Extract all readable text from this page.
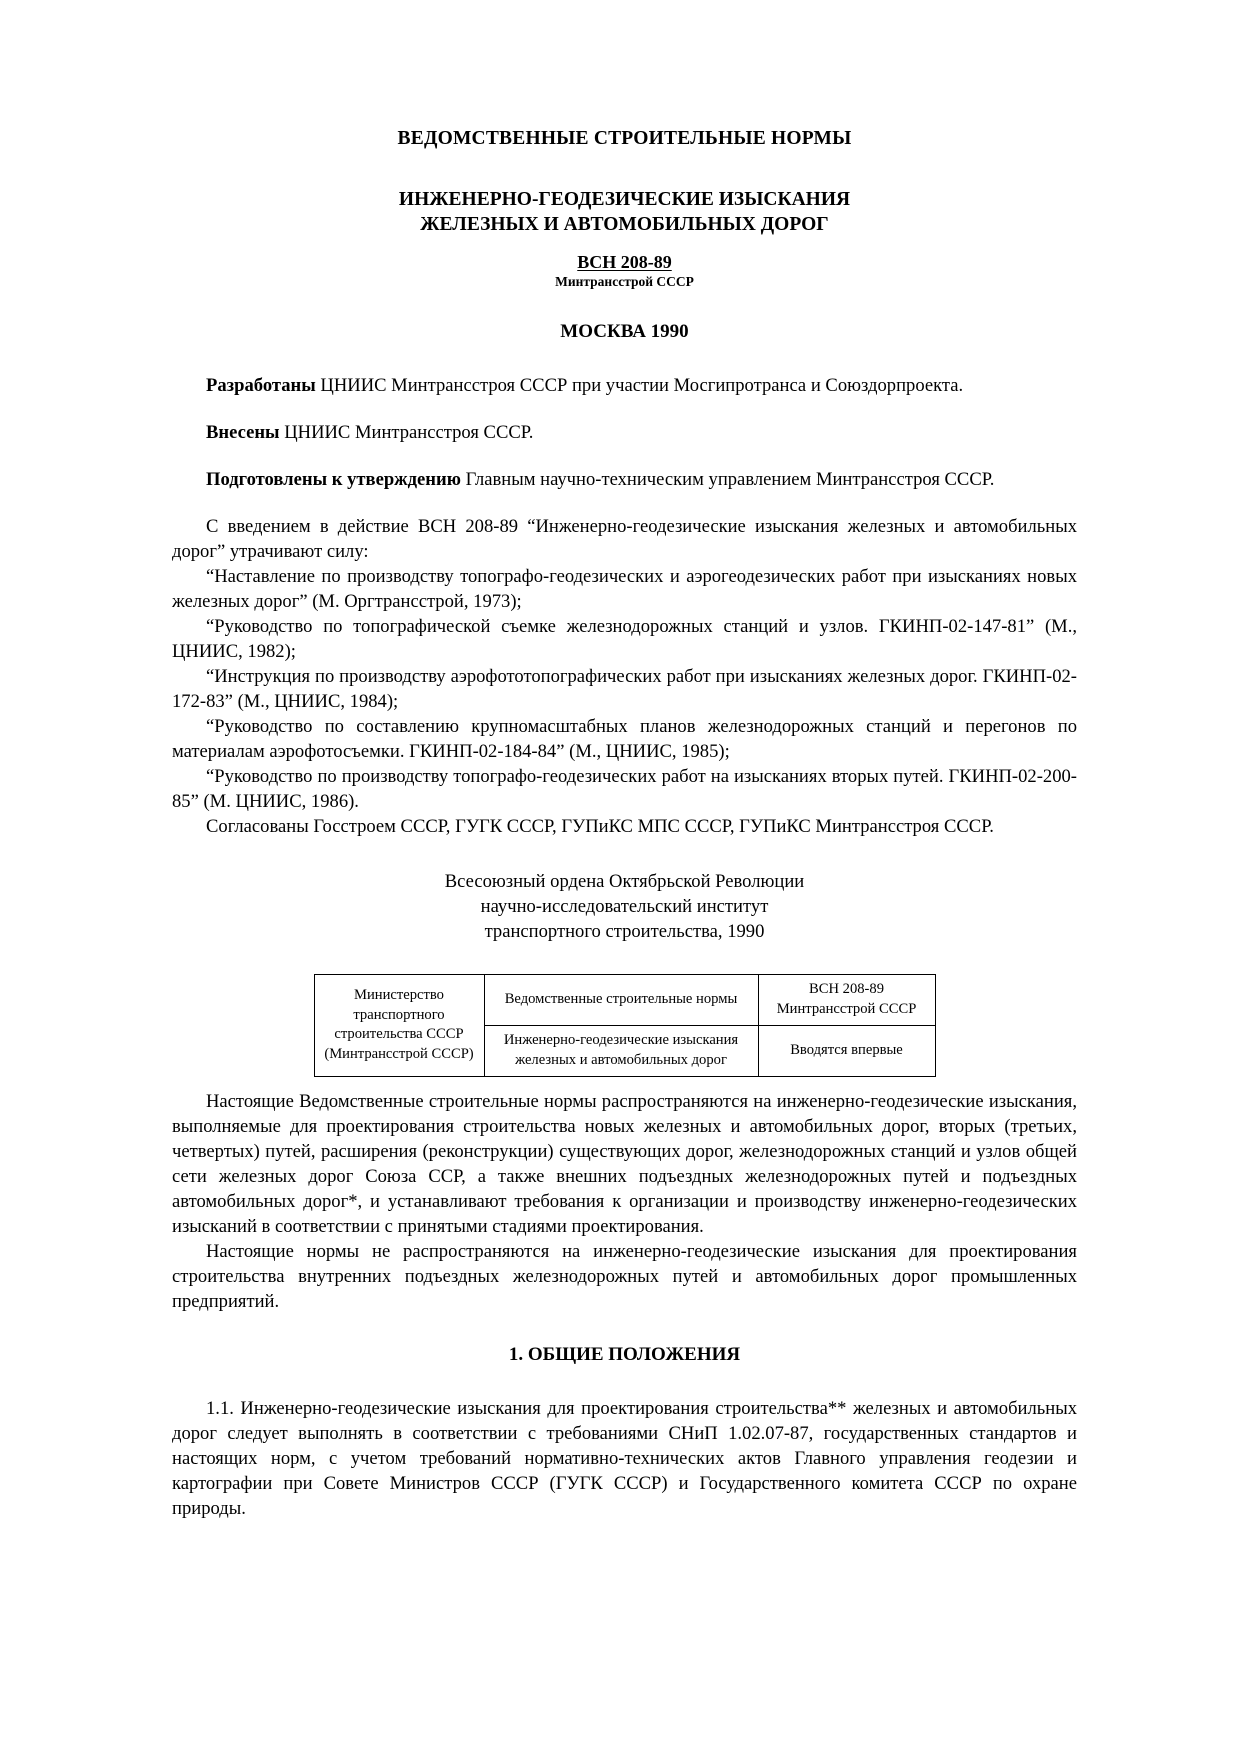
ВЕДОМСТВЕННЫЕ СТРОИТЕЛЬНЫЕ НОРМЫ
ИНЖЕНЕРНО-ГЕОДЕЗИЧЕСКИЕ ИЗЫСКАНИЯ
ЖЕЛЕЗНЫХ И АВТОМОБИЛЬНЫХ ДОРОГ
ВСН 208-89
Минтрансстрой СССР
МОСКВА 1990

Разработаны ЦНИИС Минтрансстроя СССР при участии Мосгипротранса и Союздорпроекта.

Внесены ЦНИИС Минтрансстроя СССР.

Подготовлены к утверждению Главным научно-техническим управлением Минтрансстроя СССР.

С введением в действие ВСН 208-89 “Инженерно-геодезические изыскания железных и автомобильных дорог” утрачивают силу:

“Наставление по производству топографо-геодезических и аэрогеодезических работ при изысканиях новых железных дорог” (М. Оргтрансстрой, 1973);

“Руководство по топографической съемке железнодорожных станций и узлов. ГКИНП-02-147-81” (М., ЦНИИС, 1982);

“Инструкция по производству аэрофототопографических работ при изысканиях железных дорог. ГКИНП-02-172-83” (М., ЦНИИС, 1984);

“Руководство по составлению крупномасштабных планов железнодорожных станций и перегонов по материалам аэрофотосъемки. ГКИНП-02-184-84” (М., ЦНИИС, 1985);

“Руководство по производству топографо-геодезических работ на изысканиях вторых путей. ГКИНП-02-200-85” (М. ЦНИИС, 1986).

Согласованы Госстроем СССР, ГУГК СССР, ГУПиКС МПС СССР, ГУПиКС Минтрансстроя СССР.

Всесоюзный ордена Октябрьской Революции
научно-исследовательский институт
транспортного строительства, 1990
Министерство транспортного строительства СССР (Минтрансстрой СССР)	Ведомственные строительные нормы	ВСН 208-89 Минтрансстрой СССР
	Инженерно-геодезические изыскания железных и автомобильных дорог	Вводятся впервые

Настоящие Ведомственные строительные нормы распространяются на инженерно-геодезические изыскания, выполняемые для проектирования строительства новых железных и автомобильных дорог, вторых (третьих, четвертых) путей, расширения (реконструкции) существующих дорог, железнодорожных станций и узлов общей сети железных дорог Союза ССР, а также внешних подъездных железнодорожных путей и подъездных автомобильных дорог*, и устанавливают требования к организации и производству инженерно-геодезических изысканий в соответствии с принятыми стадиями проектирования.

Настоящие нормы не распространяются на инженерно-геодезические изыскания для проектирования строительства внутренних подъездных железнодорожных путей и автомобильных дорог промышленных предприятий.

1. ОБЩИЕ ПОЛОЖЕНИЯ

1.1. Инженерно-геодезические изыскания для проектирования строительства** железных и автомобильных дорог следует выполнять в соответствии с требованиями СНиП 1.02.07-87, государственных стандартов и настоящих норм, с учетом требований нормативно-технических актов Главного управления геодезии и картографии при Совете Министров СССР (ГУГК СССР) и Государственного комитета СССР по охране природы.
